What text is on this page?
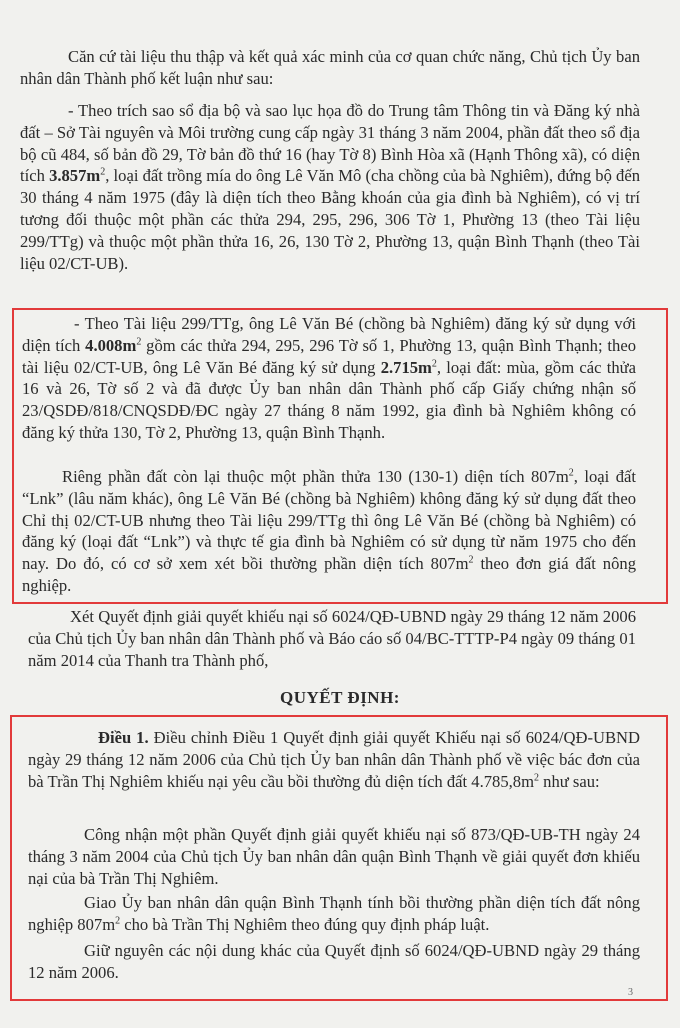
Căn cứ tài liệu thu thập và kết quả xác minh của cơ quan chức năng, Chủ tịch Ủy ban nhân dân Thành phố kết luận như sau:

- Theo trích sao sổ địa bộ và sao lục họa đồ do Trung tâm Thông tin và Đăng ký nhà đất – Sở Tài nguyên và Môi trường cung cấp ngày 31 tháng 3 năm 2004, phần đất theo sổ địa bộ cũ 484, số bản đồ 29, Tờ bản đồ thứ 16 (hay Tờ 8) Bình Hòa xã (Hạnh Thông xã), có diện tích $3.857m^2$, loại đất trồng mía do ông Lê Văn Mô (cha chồng của bà Nghiêm), đứng bộ đến 30 tháng 4 năm 1975 (đây là diện tích theo Bằng khoán của gia đình bà Nghiêm), có vị trí tương đối thuộc một phần các thửa 294, 295, 296, 306 Tờ 1, Phường 13 (theo Tài liệu 299/TTg) và thuộc một phần thửa 16, 26, 130 Tờ 2, Phường 13, quận Bình Thạnh (theo Tài liệu 02/CT-UB).

- Theo Tài liệu 299/TTg, ông Lê Văn Bé (chồng bà Nghiêm) đăng ký sử dụng với diện tích $4.008m^2$ gồm các thửa 294, 295, 296 Tờ số 1, Phường 13, quận Bình Thạnh; theo tài liệu 02/CT-UB, ông Lê Văn Bé đăng ký sử dụng $2.715m^2$, loại đất: mùa, gồm các thửa 16 và 26, Tờ số 2 và đã được Ủy ban nhân dân Thành phố cấp Giấy chứng nhận số 23/QSDĐ/818/CNQSDĐ/ĐC ngày 27 tháng 8 năm 1992, gia đình bà Nghiêm không có đăng ký thửa 130, Tờ 2, Phường 13, quận Bình Thạnh.

Riêng phần đất còn lại thuộc một phần thửa 130 (130-1) diện tích $807m^2$, loại đất “Lnk” (lâu năm khác), ông Lê Văn Bé (chồng bà Nghiêm) không đăng ký sử dụng đất theo Chỉ thị 02/CT-UB nhưng theo Tài liệu 299/TTg thì ông Lê Văn Bé (chồng bà Nghiêm) có đăng ký (loại đất “Lnk”) và thực tế gia đình bà Nghiêm có sử dụng từ năm 1975 cho đến nay. Do đó, có cơ sở xem xét bồi thường phần diện tích $807m^2$ theo đơn giá đất nông nghiệp.

Xét Quyết định giải quyết khiếu nại số 6024/QĐ-UBND ngày 29 tháng 12 năm 2006 của Chủ tịch Ủy ban nhân dân Thành phố và Báo cáo số 04/BC-TTTP-P4 ngày 09 tháng 01 năm 2014 của Thanh tra Thành phố,

QUYẾT ĐỊNH:

Điều 1. Điều chỉnh Điều 1 Quyết định giải quyết Khiếu nại số 6024/QĐ-UBND ngày 29 tháng 12 năm 2006 của Chủ tịch Ủy ban nhân dân Thành phố về việc bác đơn của bà Trần Thị Nghiêm khiếu nại yêu cầu bồi thường đủ diện tích đất $4.785,8m^2$ như sau:

Công nhận một phần Quyết định giải quyết khiếu nại số 873/QĐ-UB-TH ngày 24 tháng 3 năm 2004 của Chủ tịch Ủy ban nhân dân quận Bình Thạnh về giải quyết đơn khiếu nại của bà Trần Thị Nghiêm.

Giao Ủy ban nhân dân quận Bình Thạnh tính bồi thường phần diện tích đất nông nghiệp $807m^2$ cho bà Trần Thị Nghiêm theo đúng quy định pháp luật.

Giữ nguyên các nội dung khác của Quyết định số 6024/QĐ-UBND ngày 29 tháng 12 năm 2006.

3
